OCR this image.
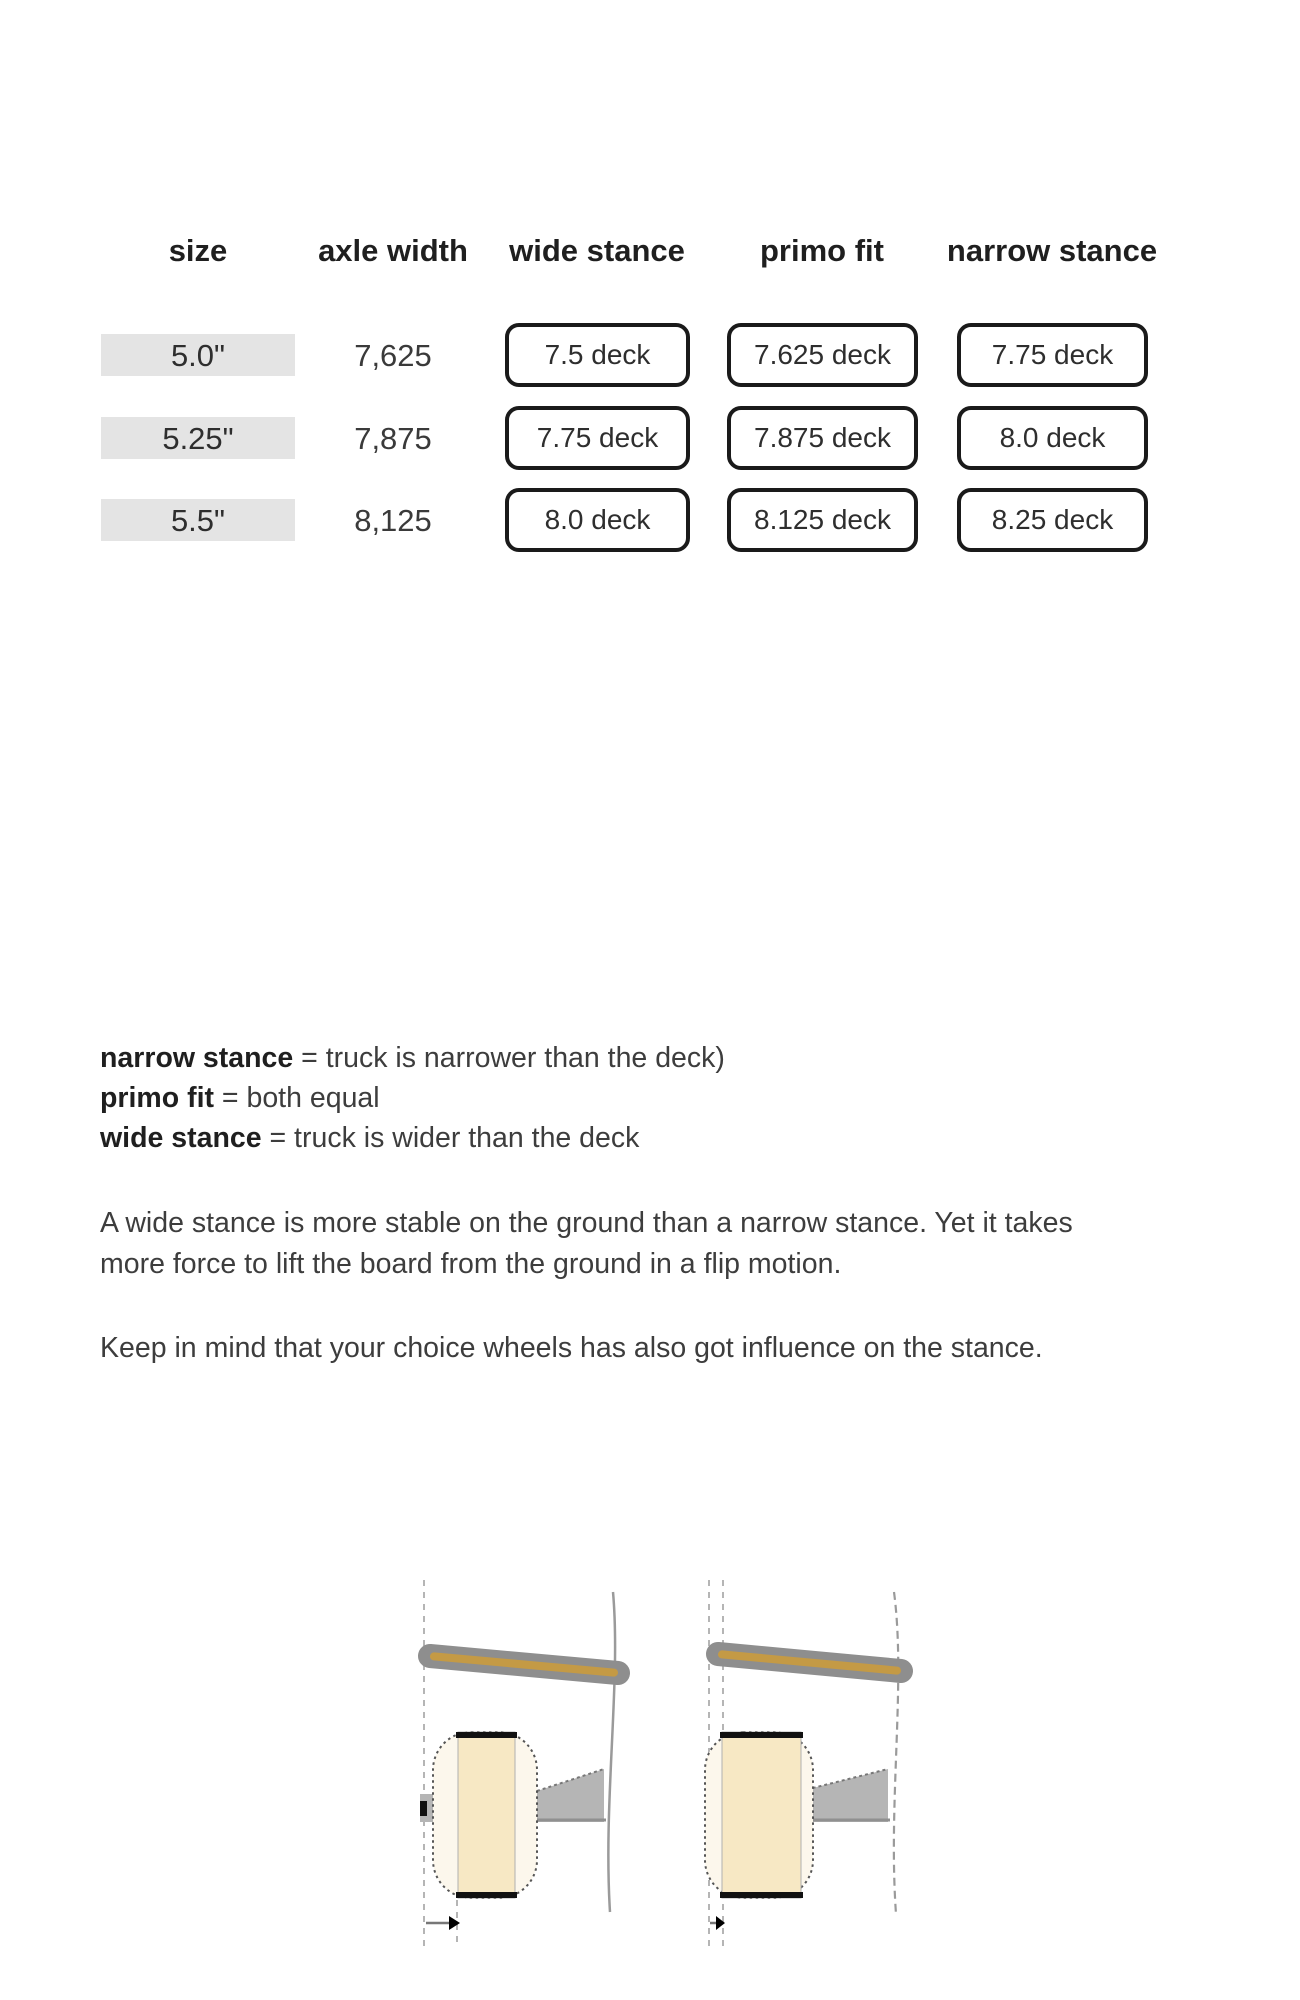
size	axle width	wide stance	primo fit	narrow stance
5.0"	7,625	7.5 deck	7.625 deck	7.75 deck
5.25"	7,875	7.75 deck	7.875 deck	8.0 deck
5.5"	8,125	8.0 deck	8.125 deck	8.25 deck
narrow stance = truck is narrower than the deck)
primo fit = both equal
wide stance = truck is wider than the deck
A wide stance is more stable on the ground than a narrow stance. Yet it takes
more force to lift the board from the ground in a flip motion.
Keep in mind that your choice wheels has also got influence on the stance.
